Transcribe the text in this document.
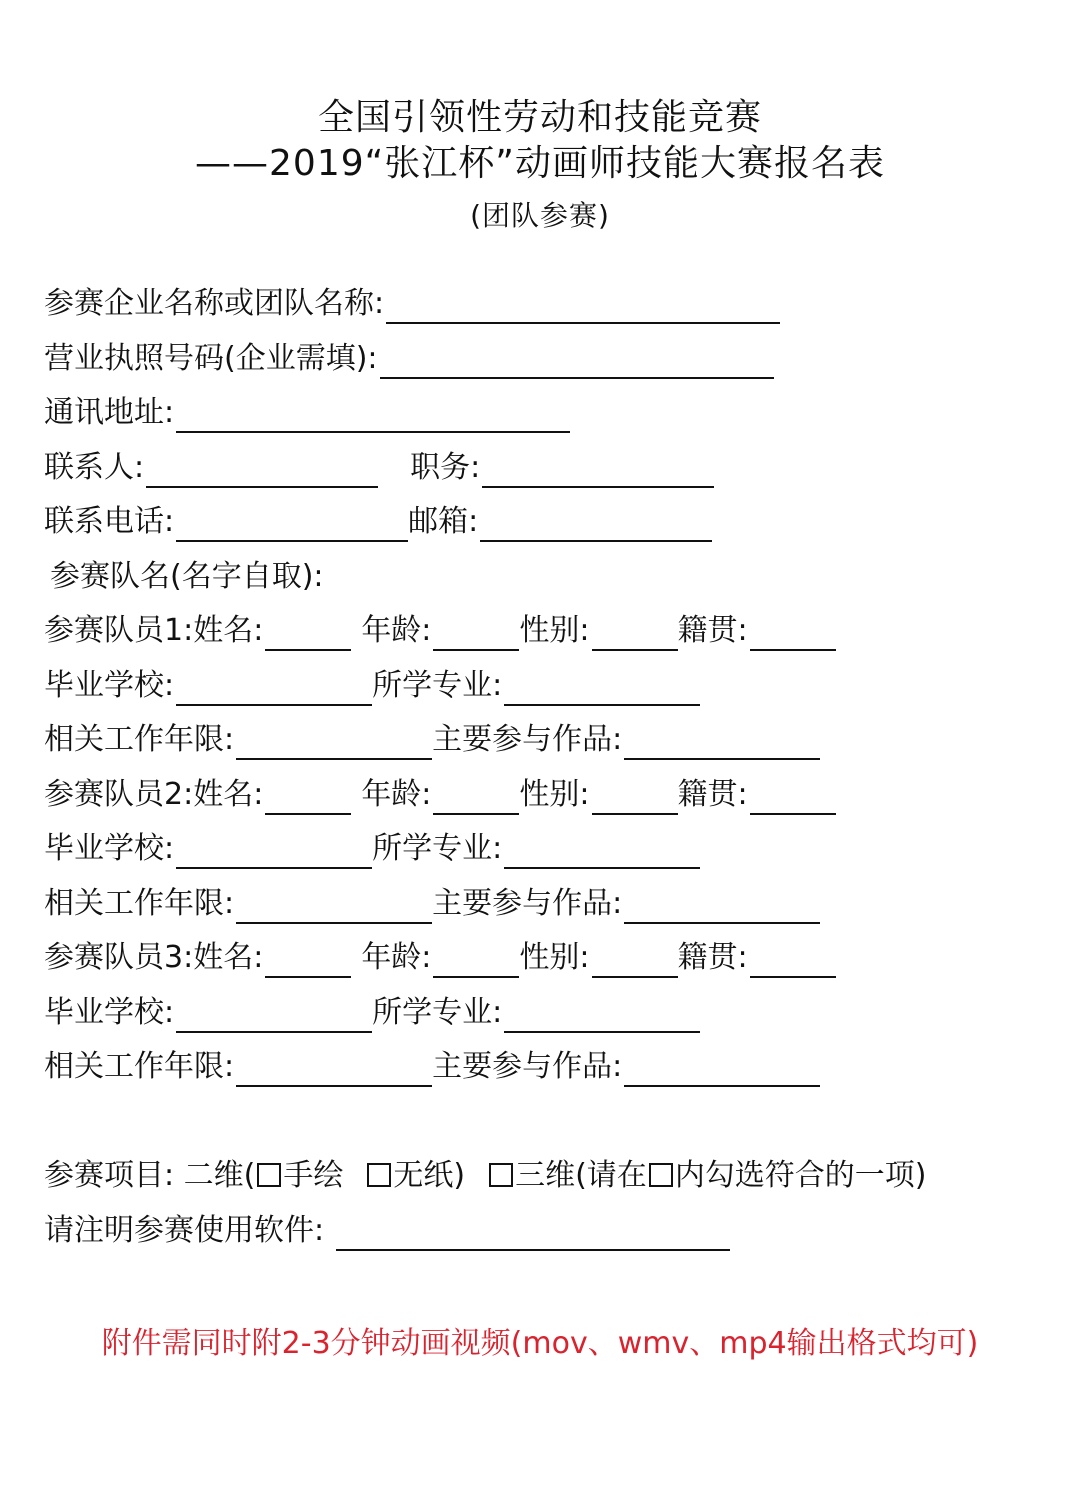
全国引领性劳动和技能竞赛
——2019“张江杯”动画师技能大赛报名表
(团队参赛)
参赛企业名称或团队名称:
营业执照号码(企业需填):
通讯地址:
联系人:	职务:
联系电话:	邮箱:
参赛队名(名字自取):
参赛队员1:姓名:	年龄:	性别:	籍贯:
毕业学校:	所学专业:
相关工作年限:	主要参与作品:
参赛队员2:姓名:	年龄:	性别:	籍贯:
毕业学校:	所学专业:
相关工作年限:	主要参与作品:
参赛队员3:姓名:	年龄:	性别:	籍贯:
毕业学校:	所学专业:
相关工作年限:	主要参与作品:
参赛项目: 二维( 手绘 无纸) 三维(请在 内勾选符合的一项)
请注明参赛使用软件:
附件需同时附2-3分钟动画视频(mov、wmv、mp4输出格式均可)
